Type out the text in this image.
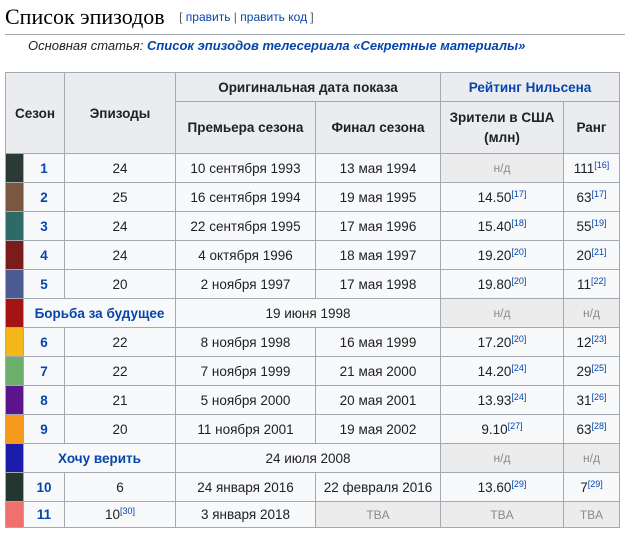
Список эпизодов [ править | править код ]
Основная статья: Список эпизодов телесериала «Секретные материалы»
Сезон		Эпизоды	Оригинальная дата показа		Рейтинг Нильсена	
			Премьера сезона	Финал сезона	Зрители в США (млн)	Ранг
	1	24	10 сентября 1993	13 мая 1994	н/д	111[16]
	2	25	16 сентября 1994	19 мая 1995	14.50[17]	63[17]
	3	24	22 сентября 1995	17 мая 1996	15.40[18]	55[19]
	4	24	4 октября 1996	18 мая 1997	19.20[20]	20[21]
	5	20	2 ноября 1997	17 мая 1998	19.80[20]	11[22]
	Борьба за будущее		19 июня 1998		н/д	н/д
	6	22	8 ноября 1998	16 мая 1999	17.20[20]	12[23]
	7	22	7 ноября 1999	21 мая 2000	14.20[24]	29[25]
	8	21	5 ноября 2000	20 мая 2001	13.93[24]	31[26]
	9	20	11 ноября 2001	19 мая 2002	9.10[27]	63[28]
	Хочу верить		24 июля 2008		н/д	н/д
	10	6	24 января 2016	22 февраля 2016	13.60[29]	7[29]
	11	10[30]	3 января 2018	TBA	TBA	TBA
